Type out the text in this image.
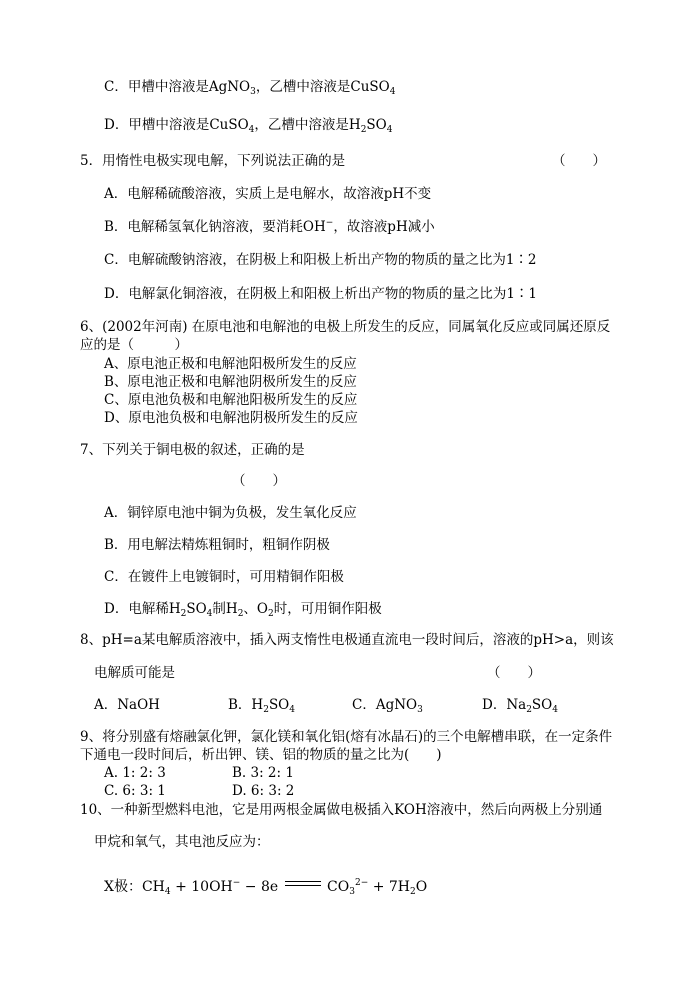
C．甲槽中溶液是AgNO$_3$，乙槽中溶液是CuSO$_4$
D．甲槽中溶液是CuSO$_4$，乙槽中溶液是$H_2SO_4$
5．用惰性电极实现电解，下列说法正确的是	（　　）
A．电解稀硫酸溶液，实质上是电解水，故溶液pH不变
B．电解稀氢氧化钠溶液，要消耗OH−，故溶液pH减小
C．电解硫酸钠溶液，在阴极上和阳极上析出产物的物质的量之比为1∶2
D．电解氯化铜溶液，在阴极上和阳极上析出产物的物质的量之比为1∶1
6、(2002年河南) 在原电池和电解池的电极上所发生的反应，同属氧化反应或同属还原反
应的是（　　　）
A、原电池正极和电解池阳极所发生的反应
B、原电池正极和电解池阴极所发生的反应
C、原电池负极和电解池阳极所发生的反应
D、原电池负极和电解池阴极所发生的反应
7、下列关于铜电极的叙述，正确的是
（　　）
A．铜锌原电池中铜为负极，发生氧化反应
B．用电解法精炼粗铜时，粗铜作阴极
C．在镀件上电镀铜时，可用精铜作阳极
D．电解稀$H_2SO_4$制$H_2$、$O_2$时，可用铜作阳极
8、pH=a某电解质溶液中，插入两支惰性电极通直流电一段时间后，溶液的pH>a，则该
电解质可能是	（　　）
A．NaOH	B．$H_2SO_4$	C．AgNO$_3$	D．$Na_2SO_4$
9、将分别盛有熔融氯化钾，氯化镁和氧化铝(熔有冰晶石)的三个电解槽串联，在一定条件
下通电一段时间后，析出钾、镁、铝的物质的量之比为(　　)
A. 1: 2: 3	B. 3: 2: 1
C. 6: 3: 1	D. 6: 3: 2
10、一种新型燃料电池，它是用两根金属做电极插入KOH溶液中，然后向两极上分别通
甲烷和氧气，其电池反应为：
X极：$CH_4 + 10OH^- - 8e$	$CO_3^{2-} + 7H_2O$
